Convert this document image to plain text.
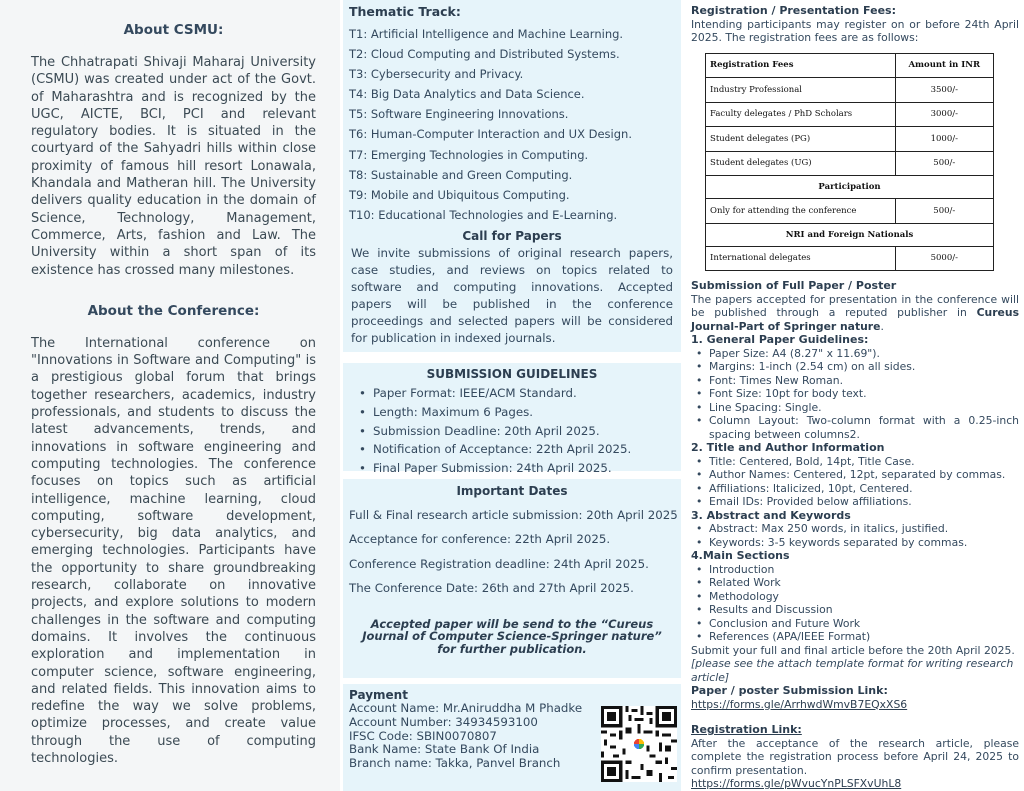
About CSMU:

The Chhatrapati Shivaji Maharaj University (CSMU) was created under act of the Govt. of Maharashtra and is recognized by the UGC, AICTE, BCI, PCI and relevant regulatory bodies. It is situated in the courtyard of the Sahyadri hills within close proximity of famous hill resort Lonawala, Khandala and Matheran hill. The University delivers quality education in the domain of Science, Technology, Management, Commerce, Arts, fashion and Law. The University within a short span of its existence has crossed many milestones.

About the Conference:

The International conference on "Innovations in Software and Computing" is a prestigious global forum that brings together researchers, academics, industry professionals, and students to discuss the latest advancements, trends, and innovations in software engineering and computing technologies. The conference focuses on topics such as artificial intelligence, machine learning, cloud computing, software development, cybersecurity, big data analytics, and emerging technologies. Participants have the opportunity to share groundbreaking research, collaborate on innovative projects, and explore solutions to modern challenges in the software and computing domains. It involves the continuous exploration and implementation in computer science, software engineering, and related fields. This innovation aims to redefine the way we solve problems, optimize processes, and create value through the use of computing technologies.

Thematic Track:
T1: Artificial Intelligence and Machine Learning.
T2: Cloud Computing and Distributed Systems.
T3: Cybersecurity and Privacy.
T4: Big Data Analytics and Data Science.
T5: Software Engineering Innovations.
T6: Human-Computer Interaction and UX Design.
T7: Emerging Technologies in Computing.
T8: Sustainable and Green Computing.
T9: Mobile and Ubiquitous Computing.
T10: Educational Technologies and E-Learning.
Call for Papers

We invite submissions of original research papers, case studies, and reviews on topics related to software and computing innovations. Accepted papers will be published in the conference proceedings and selected papers will be considered for publication in indexed journals.

SUBMISSION GUIDELINES
• Paper Format: IEEE/ACM Standard.
• Length: Maximum 6 Pages.
• Submission Deadline: 20th April 2025.
• Notification of Acceptance: 22th April 2025.
• Final Paper Submission: 24th April 2025.
Important Dates
Full & Final research article submission: 20th April 2025
Acceptance for conference: 22th April 2025.
Conference Registration deadline: 24th April 2025.
The Conference Date: 26th and 27th April 2025.
Accepted paper will be send to the “Cureus Journal of Computer Science-Springer nature” for further publication.
Payment
Account Name: Mr.Aniruddha M Phadke
Account Number: 34934593100
IFSC Code: SBIN0070807
Bank Name: State Bank Of India
Branch name: Takka, Panvel Branch
Registration / Presentation Fees:
Intending participants may register on or before 24th April 2025. The registration fees are as follows:
Registration Fees	Amount in INR
Industry Professional	3500/-
Faculty delegates / PhD Scholars	3000/-
Student delegates (PG)	1000/-
Student delegates (UG)	500/-
Participation	
Only for attending the conference	500/-
NRI and Foreign Nationals	
International delegates	5000/-
Submission of Full Paper / Poster
The papers accepted for presentation in the conference will be published through a reputed publisher in Cureus Journal-Part of Springer nature.
1. General Paper Guidelines:
• Paper Size: A4 (8.27" x 11.69").
• Margins: 1-inch (2.54 cm) on all sides.
• Font: Times New Roman.
• Font Size: 10pt for body text.
• Line Spacing: Single.
• Column Layout: Two-column format with a 0.25-inch spacing between columns2.
2. Title and Author Information
• Title: Centered, Bold, 14pt, Title Case.
• Author Names: Centered, 12pt, separated by commas.
• Affiliations: Italicized, 10pt, Centered.
• Email IDs: Provided below affiliations.
3. Abstract and Keywords
• Abstract: Max 250 words, in italics, justified.
• Keywords: 3-5 keywords separated by commas.
4.Main Sections
• Introduction
• Related Work
• Methodology
• Results and Discussion
• Conclusion and Future Work
• References (APA/IEEE Format)
Submit your full and final article before the 20th April 2025.
[please see the attach template format for writing research article]
Paper / poster Submission Link:
https://forms.gle/ArrhwdWmvB7EQxXS6
Registration Link:
After the acceptance of the research article, please complete the registration process before April 24, 2025 to confirm presentation.
https://forms.gle/pWvucYnPLSFXvUhL8
